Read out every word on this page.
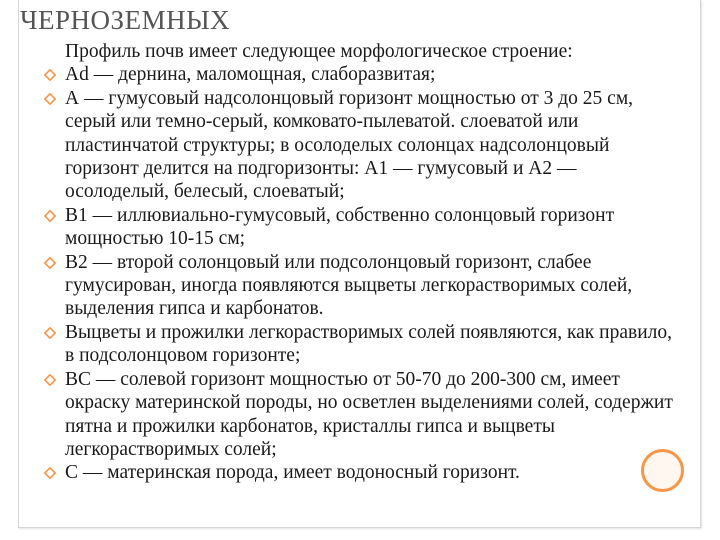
ЧЕРНОЗЕМНЫХ

Профиль почв имеет следующее морфологическое строение:

Ad — дернина, маломощная, слаборазвитая;
А — гумусовый надсолонцовый горизонт мощностью от 3 до 25 см, серый или темно-серый, комковато-пылеватой. слоеватой или пластинчатой структуры; в осолоделых солонцах надсолонцовый горизонт делится на подгоризонты: А1 — гумусовый и А2 — осолоделый, белесый, слоеватый;
В1 — иллювиально-гумусовый, собственно солонцовый горизонт мощностью 10-15 см;
В2 — второй солонцовый или подсолонцовый горизонт, слабее гумусирован, иногда появляются выцветы легкорастворимых солей, выделения гипса и карбонатов.
Выцветы и прожилки легкорастворимых солей появляются, как правило, в подсолонцовом горизонте;
ВС — солевой горизонт мощностью от 50-70 до 200-300 см, имеет окраску материнской породы, но осветлен выделениями солей, содержит пятна и прожилки карбонатов, кристаллы гипса и выцветы легкорастворимых солей;
С — материнская порода, имеет водоносный горизонт.
